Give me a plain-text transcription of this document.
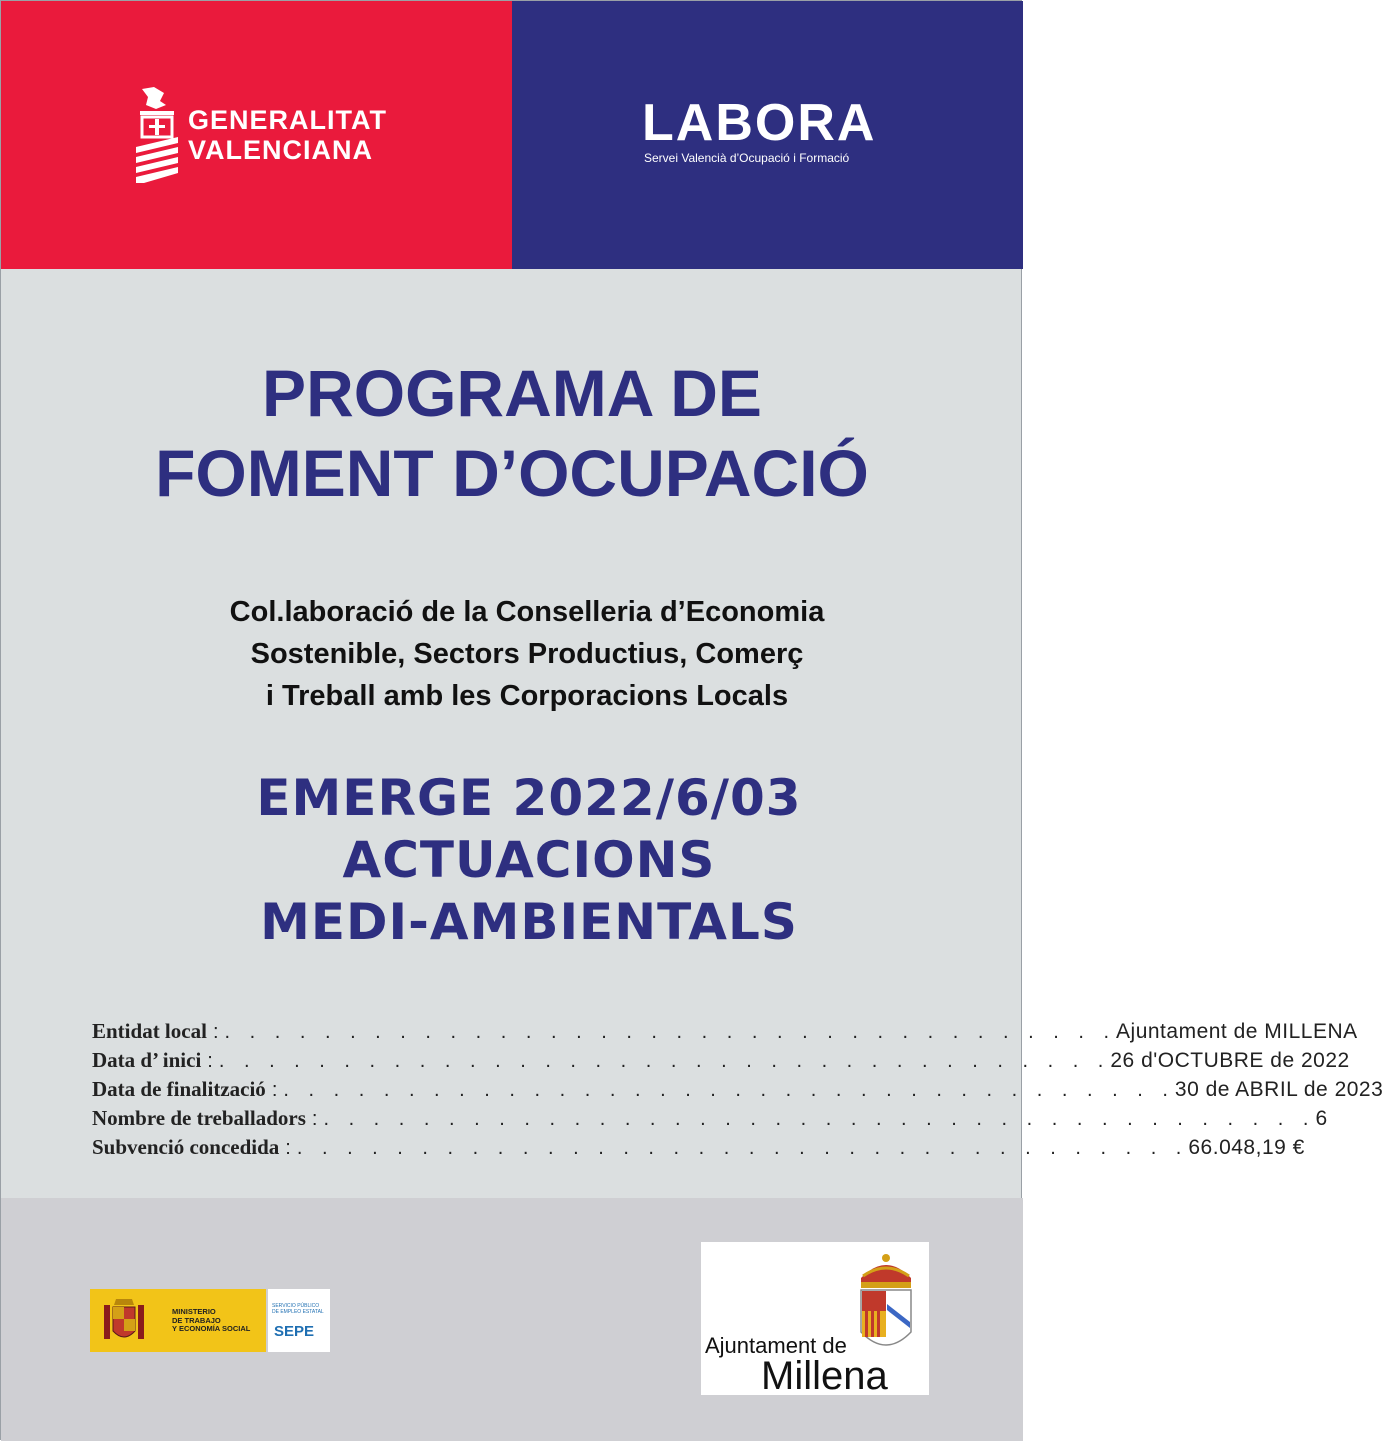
GENERALITAT
VALENCIANA	LABORA
Servei Valencià d’Ocupació i Formació
PROGRAMA DE
FOMENT D’OCUPACIÓ
Col.laboració de la Conselleria d’Economia
Sostenible, Sectors Productius, Comerç
i Treball amb les Corporacions Locals
EMERGE 2022/6/03
ACTUACIONS
MEDI-AMBIENTALS
Entidat local : . . . . . . . . . . . . . . . . . . . . . . . . . . . . . . . . . . . . Ajuntament de MILLENA
Data d’ inici : . . . . . . . . . . . . . . . . . . . . . . . . . . . . . . . . . . . . 26 d'OCTUBRE de 2022
Data de finalització : . . . . . . . . . . . . . . . . . . . . . . . . . . . . . . . . . . . . 30 de ABRIL de 2023
Nombre de treballadors : . . . . . . . . . . . . . . . . . . . . . . . . . . . . . . . . . . . . . . . . 6
Subvenció concedida : . . . . . . . . . . . . . . . . . . . . . . . . . . . . . . . . . . . . 66.048,19 €
MINISTERIO
DE TRABAJO
Y ECONOMÍA SOCIAL
SERVICIO PÚBLICO
DE EMPLEO ESTATAL
SEPE
Ajuntament de
Millena
